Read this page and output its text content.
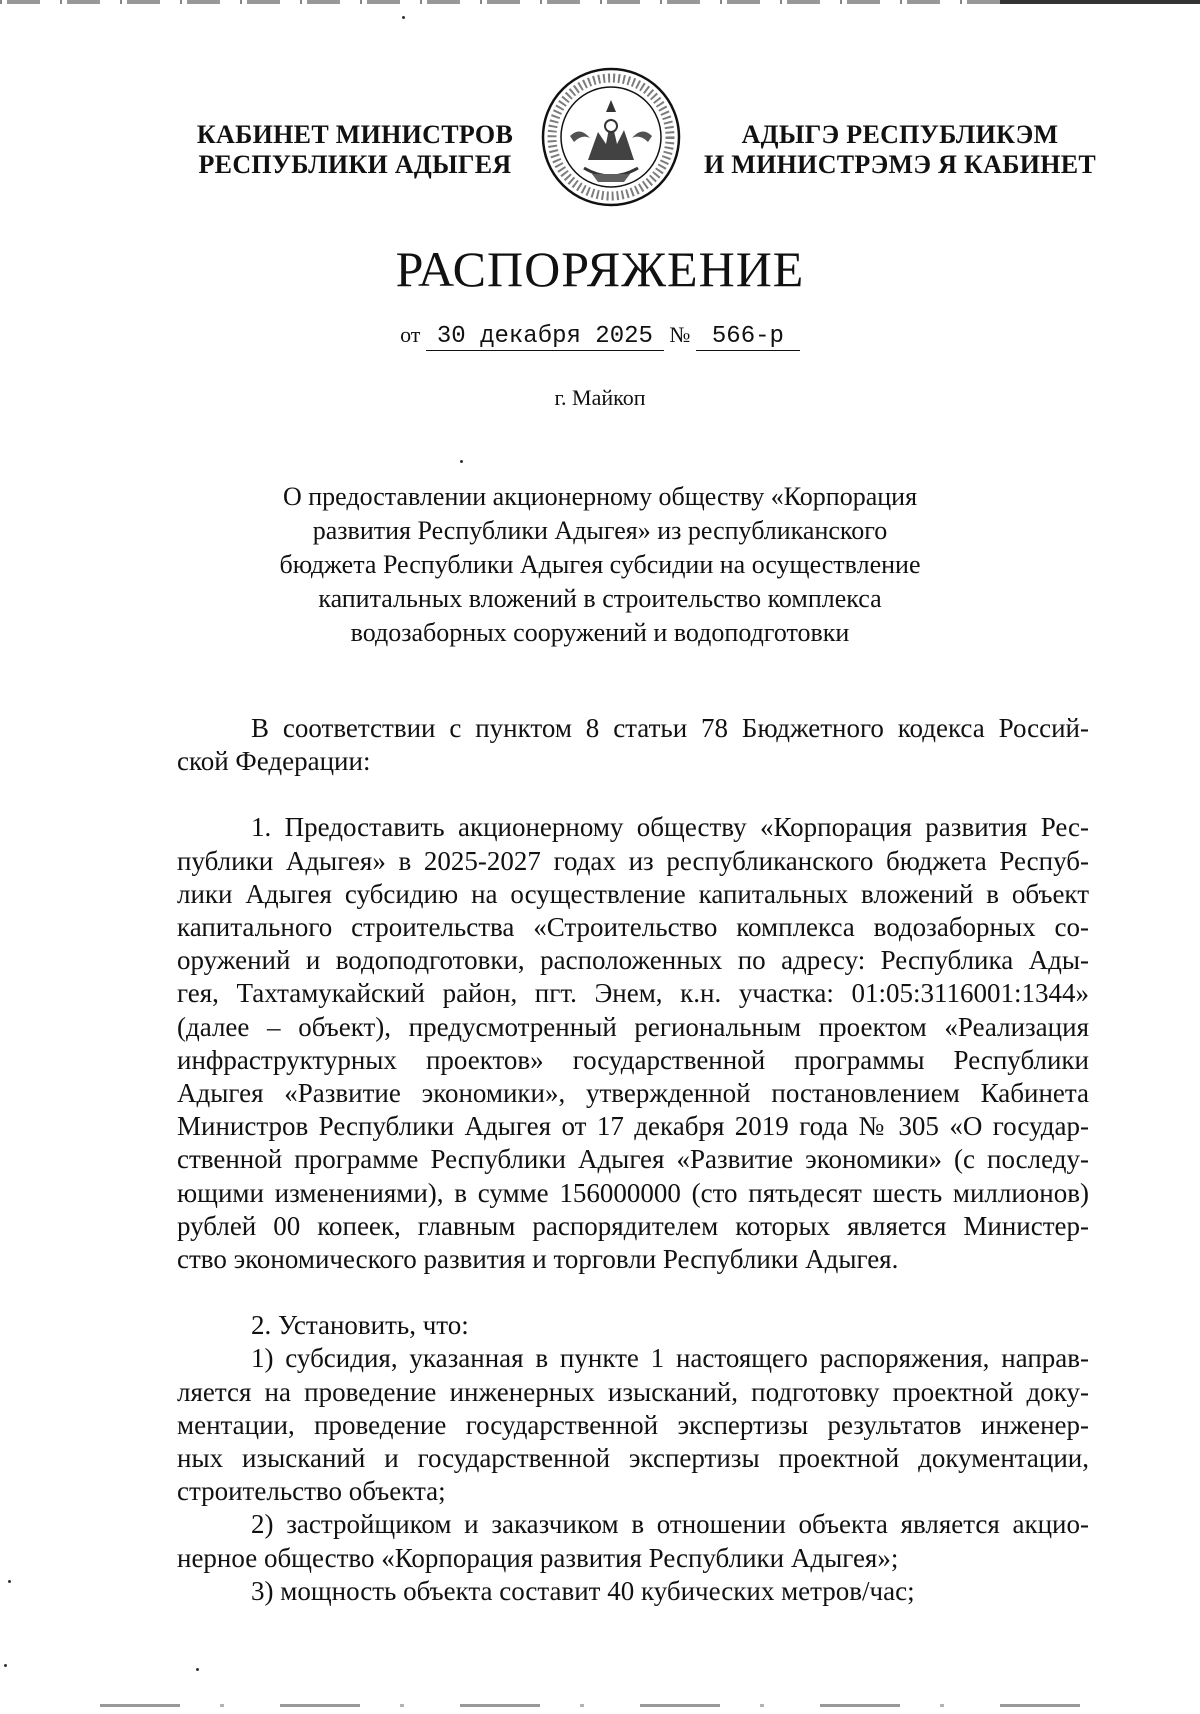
КАБИНЕТ МИНИСТРОВ
РЕСПУБЛИКИ АДЫГЕЯ
АДЫГЭ РЕСПУБЛИКЭМ
И МИНИСТРЭМЭ Я КАБИНЕТ
РАСПОРЯЖЕНИЕ
от 30 декабря 2025 № 566-р
г. Майкоп
О предоставлении акционерному обществу «Корпорация
развития Республики Адыгея» из республиканского
бюджета Республики Адыгея субсидии на осуществление
капитальных вложений в строительство комплекса
водозаборных сооружений и водоподготовки
В соответствии с пунктом 8 статьи 78 Бюджетного кодекса Россий-
ской Федерации:
1. Предоставить акционерному обществу «Корпорация развития Рес-
публики Адыгея» в 2025-2027 годах из республиканского бюджета Респуб-
лики Адыгея субсидию на осуществление капитальных вложений в объект
капитального строительства «Строительство комплекса водозаборных со-
оружений и водоподготовки, расположенных по адресу: Республика Ады-
гея, Тахтамукайский район, пгт. Энем, к.н. участка: 01:05:3116001:1344»
(далее – объект), предусмотренный региональным проектом «Реализация
инфраструктурных проектов» государственной программы Республики
Адыгея «Развитие экономики», утвержденной постановлением Кабинета
Министров Республики Адыгея от 17 декабря 2019 года № 305 «О государ-
ственной программе Республики Адыгея «Развитие экономики» (с последу-
ющими изменениями), в сумме 156000000 (сто пятьдесят шесть миллионов)
рублей 00 копеек, главным распорядителем которых является Министер-
ство экономического развития и торговли Республики Адыгея.
2. Установить, что:
1) субсидия, указанная в пункте 1 настоящего распоряжения, направ-
ляется на проведение инженерных изысканий, подготовку проектной доку-
ментации, проведение государственной экспертизы результатов инженер-
ных изысканий и государственной экспертизы проектной документации,
строительство объекта;
2) застройщиком и заказчиком в отношении объекта является акцио-
нерное общество «Корпорация развития Республики Адыгея»;
3) мощность объекта составит 40 кубических метров/час;
